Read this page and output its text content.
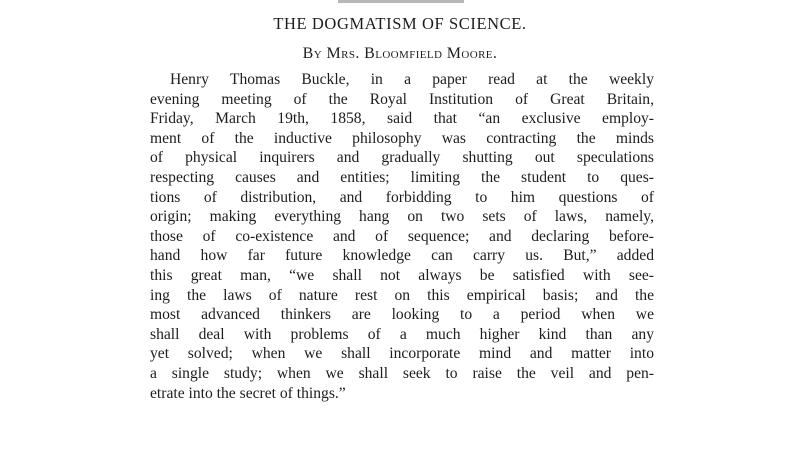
THE DOGMATISM OF SCIENCE.
By Mrs. Bloomfield Moore.
Henry Thomas Buckle, in a paper read at the weekly
evening meeting of the Royal Institution of Great Britain,
Friday, March 19th, 1858, said that “an exclusive employ-
ment of the inductive philosophy was contracting the minds
of physical inquirers and gradually shutting out speculations
respecting causes and entities; limiting the student to ques-
tions of distribution, and forbidding to him questions of
origin; making everything hang on two sets of laws, namely,
those of co-existence and of sequence; and declaring before-
hand how far future knowledge can carry us. But,” added
this great man, “we shall not always be satisfied with see-
ing the laws of nature rest on this empirical basis; and the
most advanced thinkers are looking to a period when we
shall deal with problems of a much higher kind than any
yet solved; when we shall incorporate mind and matter into
a single study; when we shall seek to raise the veil and pen-
etrate into the secret of things.”
